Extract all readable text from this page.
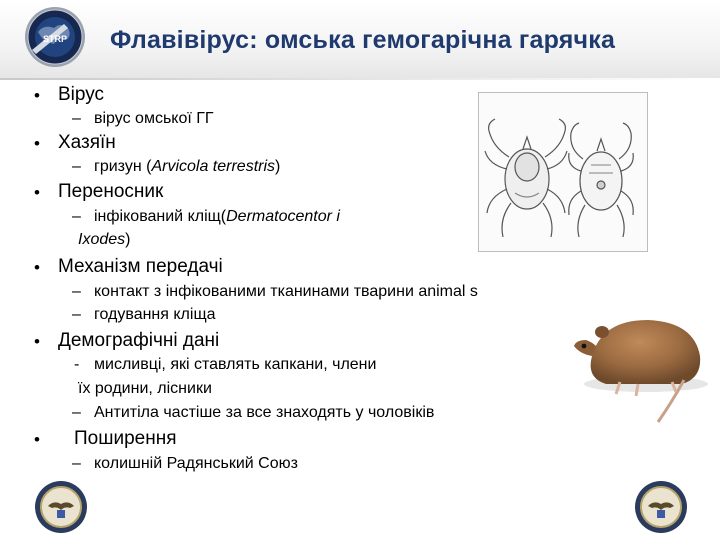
STRP Флавівірус: омська гемогарічна гарячка
• Вірус
– вірус омської ГГ
• Хазяїн
– гризун (Arvicola terrestris)
• Переносник
– інфікований кліщ(Dermatocentor i
Ixodes)
• Механізм передачі
– контакт з інфікованими тканинами тварини animal s
– годування кліща
• Демографічні дані
- мисливці, які ставлять капкани, члени
їх родини, лісники
– Антитіла частіше за все знаходять у чоловіків
• Поширення
– колишній Радянський Союз
